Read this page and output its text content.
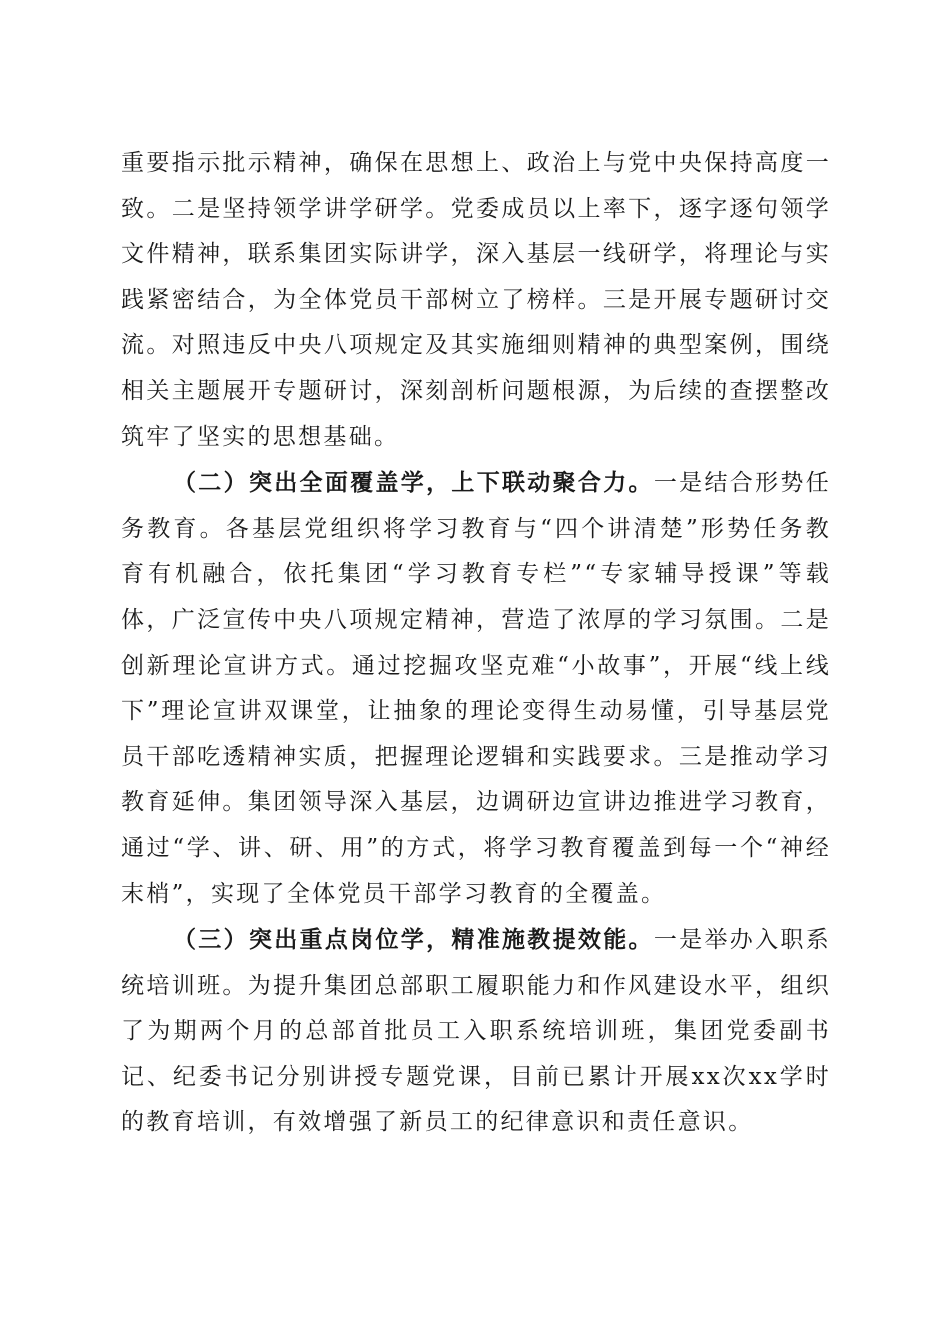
重要指示批示精神，确保在思想上、政治上与党中央保持高度一致。二是坚持领学讲学研学。党委成员以上率下，逐字逐句领学文件精神，联系集团实际讲学，深入基层一线研学，将理论与实践紧密结合，为全体党员干部树立了榜样。三是开展专题研讨交流。对照违反中央八项规定及其实施细则精神的典型案例，围绕相关主题展开专题研讨，深刻剖析问题根源，为后续的查摆整改筑牢了坚实的思想基础。

（二）突出全面覆盖学，上下联动聚合力。一是结合形势任务教育。各基层党组织将学习教育与“四个讲清楚”形势任务教育有机融合，依托集团“学习教育专栏”“专家辅导授课”等载体，广泛宣传中央八项规定精神，营造了浓厚的学习氛围。二是创新理论宣讲方式。通过挖掘攻坚克难“小故事”，开展“线上线下”理论宣讲双课堂，让抽象的理论变得生动易懂，引导基层党员干部吃透精神实质，把握理论逻辑和实践要求。三是推动学习教育延伸。集团领导深入基层，边调研边宣讲边推进学习教育，通过“学、讲、研、用”的方式，将学习教育覆盖到每一个“神经末梢”，实现了全体党员干部学习教育的全覆盖。

（三）突出重点岗位学，精准施教提效能。一是举办入职系统培训班。为提升集团总部职工履职能力和作风建设水平，组织了为期两个月的总部首批员工入职系统培训班，集团党委副书记、纪委书记分别讲授专题党课，目前已累计开展xx次xx学时的教育培训，有效增强了新员工的纪律意识和责任意识。
